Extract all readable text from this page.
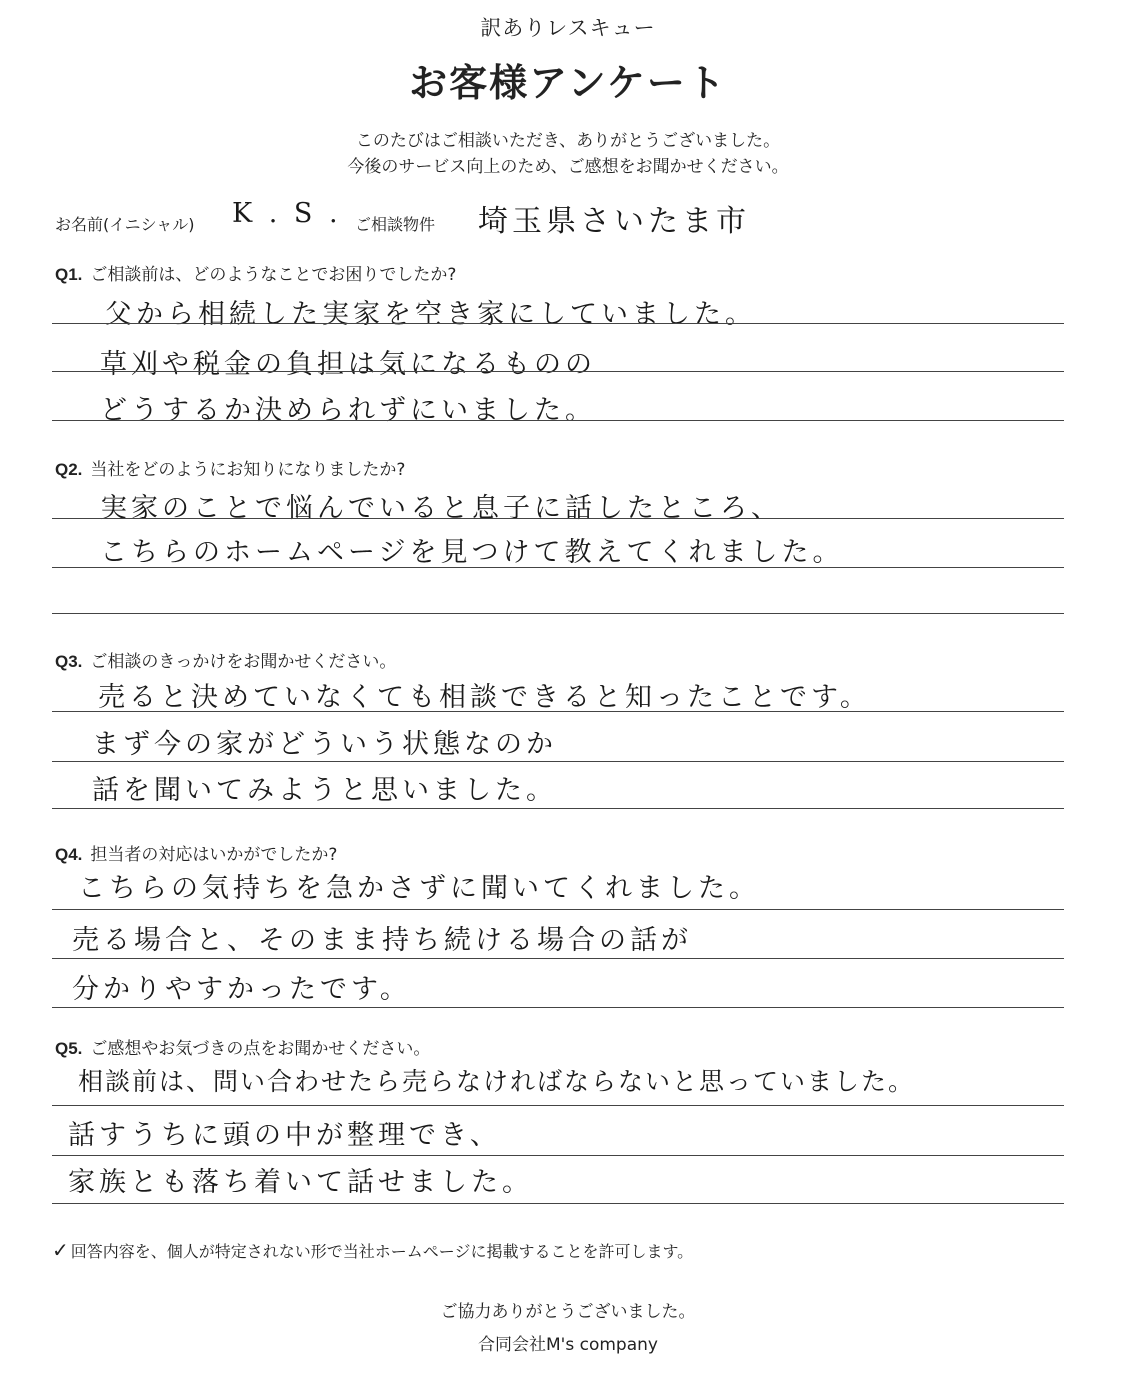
訳ありレスキュー
お客様アンケート
このたびはご相談いただき、ありがとうございました。
今後のサービス向上のため、ご感想をお聞かせください。
お名前(イニシャル) K . S . ご相談物件 埼玉県さいたま市
Q1. ご相談前は、どのようなことでお困りでしたか?
父から相続した実家を空き家にしていました。
草刈や税金の負担は気になるものの
どうするか決められずにいました。
Q2. 当社をどのようにお知りになりましたか?
実家のことで悩んでいると息子に話したところ、
こちらのホームページを見つけて教えてくれました。
Q3. ご相談のきっかけをお聞かせください。
売ると決めていなくても相談できると知ったことです。
まず今の家がどういう状態なのか
話を聞いてみようと思いました。
Q4. 担当者の対応はいかがでしたか?
こちらの気持ちを急かさずに聞いてくれました。
売る場合と、そのまま持ち続ける場合の話が
分かりやすかったです。
Q5. ご感想やお気づきの点をお聞かせください。
相談前は、問い合わせたら売らなければならないと思っていました。
話すうちに頭の中が整理でき、
家族とも落ち着いて話せました。
✓ 回答内容を、個人が特定されない形で当社ホームページに掲載することを許可します。
ご協力ありがとうございました。
合同会社M's company
